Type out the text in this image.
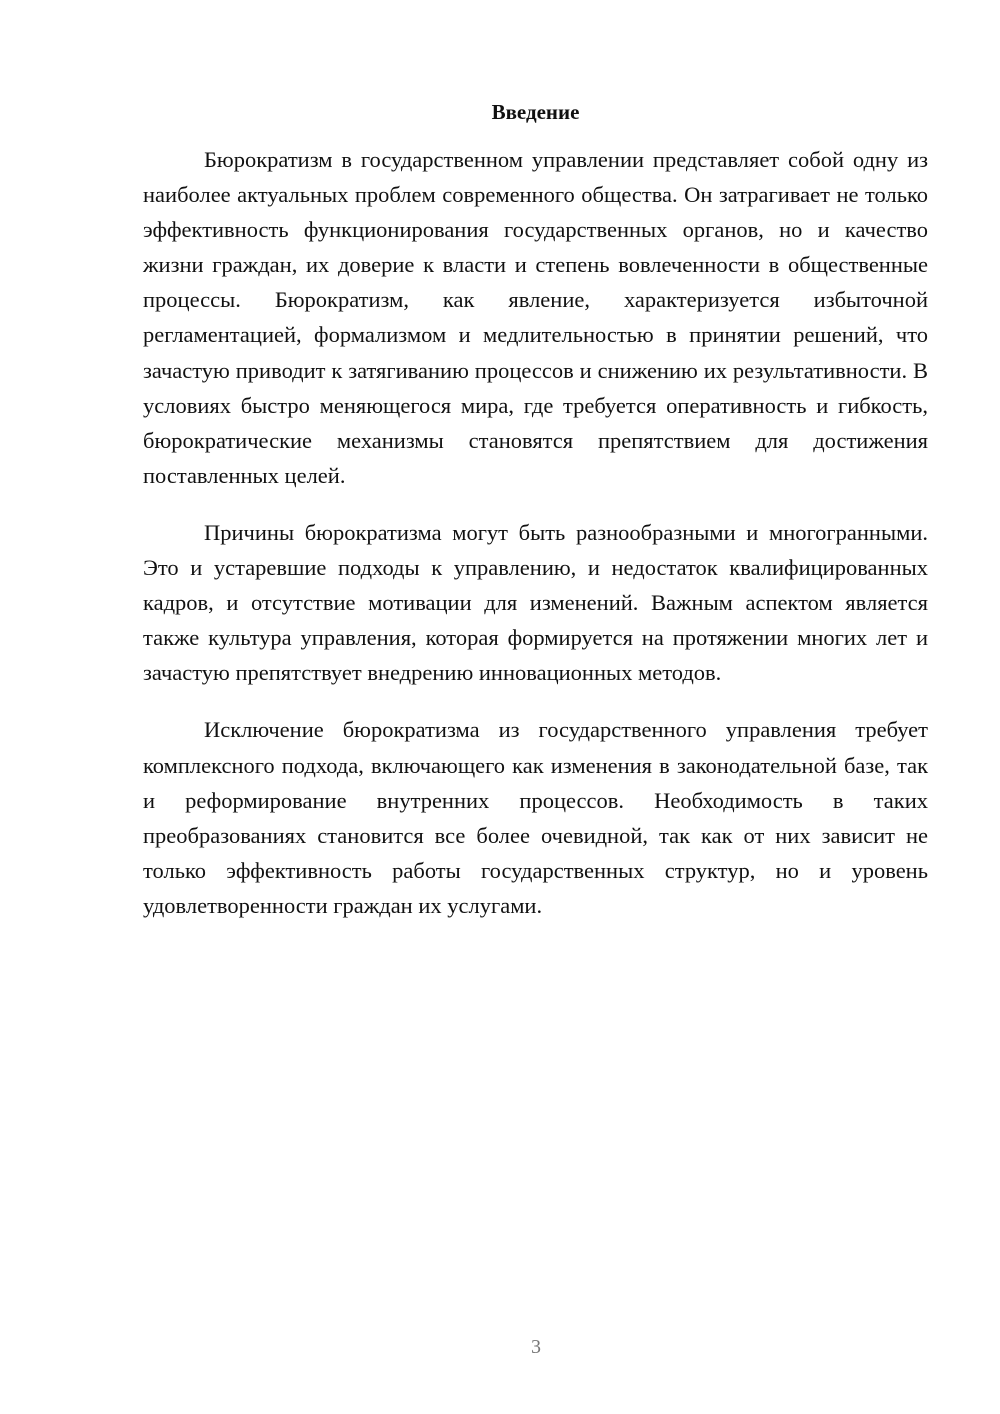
Введение

Бюрократизм в государственном управлении представляет собой одну из наиболее актуальных проблем современного общества. Он затрагивает не только эффективность функционирования государственных органов, но и качество жизни граждан, их доверие к власти и степень вовлеченности в общественные процессы. Бюрократизм, как явление, характеризуется избыточной регламентацией, формализмом и медлительностью в принятии решений, что зачастую приводит к затягиванию процессов и снижению их результативности. В условиях быстро меняющегося мира, где требуется оперативность и гибкость, бюрократические механизмы становятся препятствием для достижения поставленных целей.

Причины бюрократизма могут быть разнообразными и многогранными. Это и устаревшие подходы к управлению, и недостаток квалифицированных кадров, и отсутствие мотивации для изменений. Важным аспектом является также культура управления, которая формируется на протяжении многих лет и зачастую препятствует внедрению инновационных методов.

Исключение бюрократизма из государственного управления требует комплексного подхода, включающего как изменения в законодательной базе, так и реформирование внутренних процессов. Необходимость в таких преобразованиях становится все более очевидной, так как от них зависит не только эффективность работы государственных структур, но и уровень удовлетворенности граждан их услугами.

3
